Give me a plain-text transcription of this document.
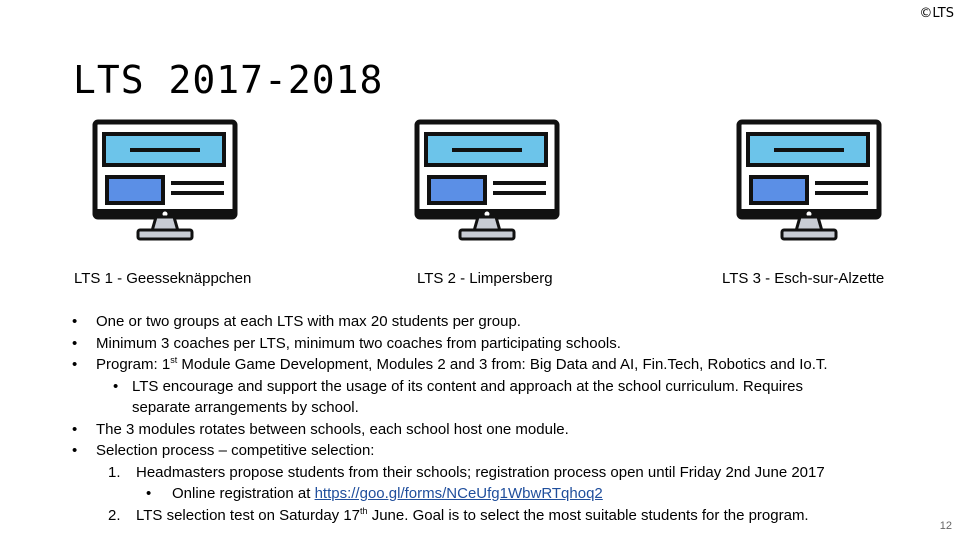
©LTS
LTS 2017-2018
LTS 1 - Geesseknäppchen	LTS 2 - Limpersberg	LTS 3 - Esch-sur-Alzette
• One or two groups at each LTS with max 20 students per group.
• Minimum 3 coaches per LTS, minimum two coaches from participating schools.
• Program: 1st Module Game Development, Modules 2 and 3 from: Big Data and AI, Fin.Tech, Robotics and Io.T.
• LTS encourage and support the usage of its content and approach at the school curriculum. Requires
separate arrangements by school.
• The 3 modules rotates between schools, each school host one module.
• Selection process – competitive selection:
1. Headmasters propose students from their schools; registration process open until Friday 2nd June 2017
• Online registration at https://goo.gl/forms/NCeUfg1WbwRTqhoq2
2. LTS selection test on Saturday 17th June. Goal is to select the most suitable students for the program.
12
